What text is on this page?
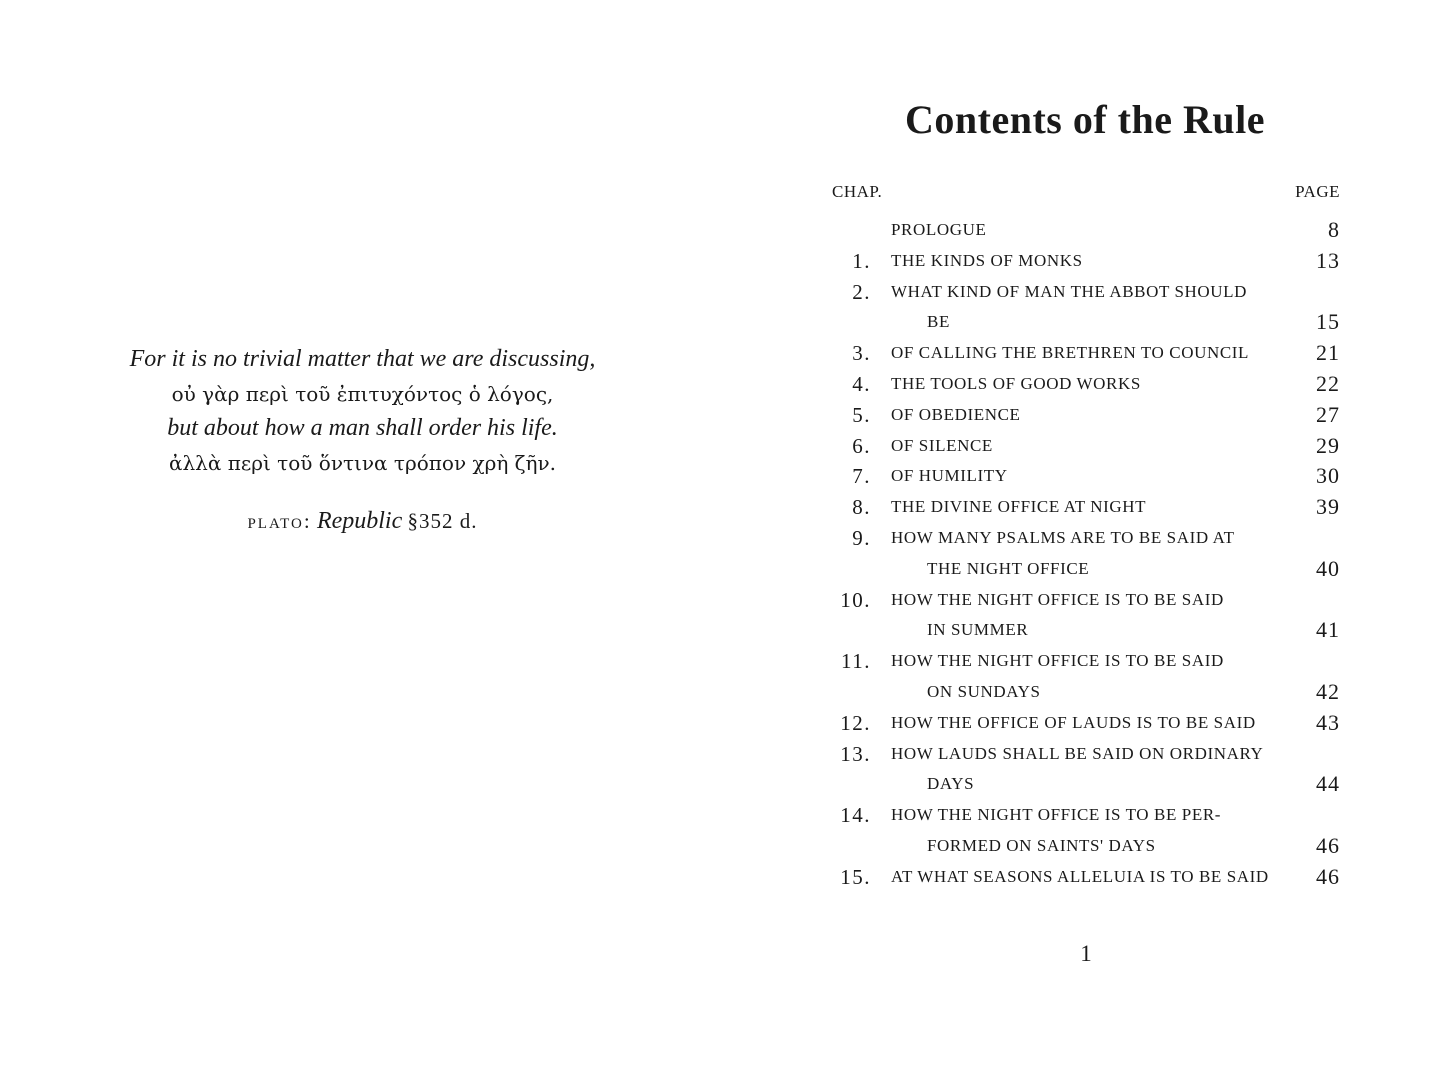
For it is no trivial matter that we are discussing,
οὐ γὰρ περὶ τοῦ ἐπιτυχόντος ὁ λόγος,
but about how a man shall order his life.
ἀλλὰ περὶ τοῦ ὅντινα τρόπον χρὴ ζῆν.
plato: Republic §352 d.
Contents of the Rule
CHAP.	PAGE
PROLOGUE	8
1. THE KINDS OF MONKS	13
2. WHAT KIND OF MAN THE ABBOT SHOULD
BE	15
3. OF CALLING THE BRETHREN TO COUNCIL	21
4. THE TOOLS OF GOOD WORKS	22
5. OF OBEDIENCE	27
6. OF SILENCE	29
7. OF HUMILITY	30
8. THE DIVINE OFFICE AT NIGHT	39
9. HOW MANY PSALMS ARE TO BE SAID AT
THE NIGHT OFFICE	40
10. HOW THE NIGHT OFFICE IS TO BE SAID
IN SUMMER	41
11. HOW THE NIGHT OFFICE IS TO BE SAID
ON SUNDAYS	42
12. HOW THE OFFICE OF LAUDS IS TO BE SAID	43
13. HOW LAUDS SHALL BE SAID ON ORDINARY
DAYS	44
14. HOW THE NIGHT OFFICE IS TO BE PER-
FORMED ON SAINTS' DAYS	46
15. AT WHAT SEASONS ALLELUIA IS TO BE SAID	46
1
